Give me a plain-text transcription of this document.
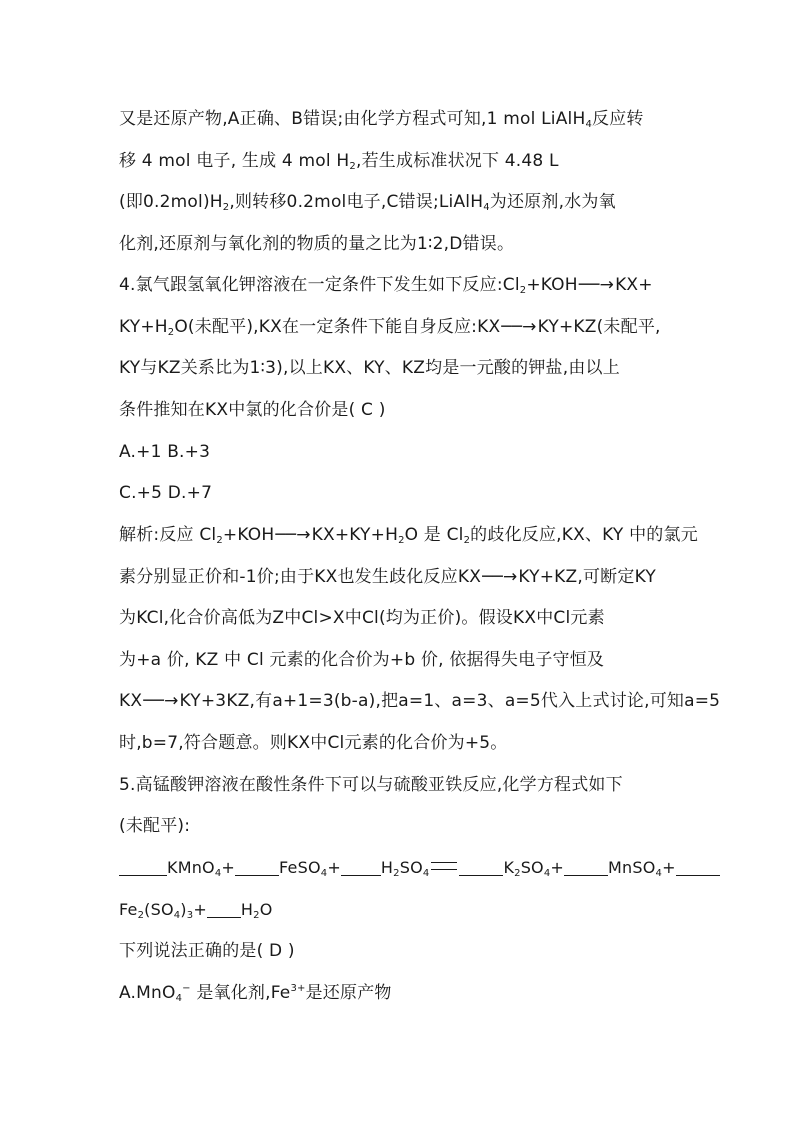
又是还原产物,A正确、B错误;由化学方程式可知,1 mol LiAlH$_4$反应转
移 4 mol 电子, 生成 4 mol $H_2$,若生成标准状况下 4.48 L
(即$0.2mol)H_2$,则转移0.2mol电子,C错误;LiAlH$_4$为还原剂,水为氧
化剂,还原剂与氧化剂的物质的量之比为1∶2,D错误。
4.氯气跟氢氧化钾溶液在一定条件下发生如下反应$:Cl_2+KOH──\to KX+$
$KY+H_2O$(未配平),KX在一定条件下能自身反应:KX──→KY+KZ(未配平,
KY与KZ关系比为1∶3),以上KX、KY、KZ均是一元酸的钾盐,由以上
条件推知在KX中氯的化合价是( C )
A.+1 B.+3
C.+5 D.+7
解析:反应 $Cl_2+KOH──\to KX+KY+H_2O$ 是 $Cl_2$的歧化反应,KX、KY 中的氯元
素分别显正价和-1价;由于KX也发生歧化反应KX──→KY+KZ,可断定KY
为KCl,化合价高低为Z中Cl>X中Cl(均为正价)。假设KX中Cl元素
为+a 价, KZ 中 Cl 元素的化合价为+b 价, 依据得失电子守恒及
KX──→KY+3KZ,有a+1=3(b-a),把a=1、a=3、a=5代入上式讨论,可知a=5
时,b=7,符合题意。则KX中Cl元素的化合价为+5。
5.高锰酸钾溶液在酸性条件下可以与硫酸亚铁反应,化学方程式如下
(未配平):
KMnO$_4$+	FeSO$_4$+	$H_2SO_4$	$K_2SO_4+$	MnSO$_4$+
$Fe_2(SO_4)_3+ H_2O$
下列说法正确的是( D )
A.MnO$_4$− 是氧化剂$,Fe^{3+}$是还原产物
